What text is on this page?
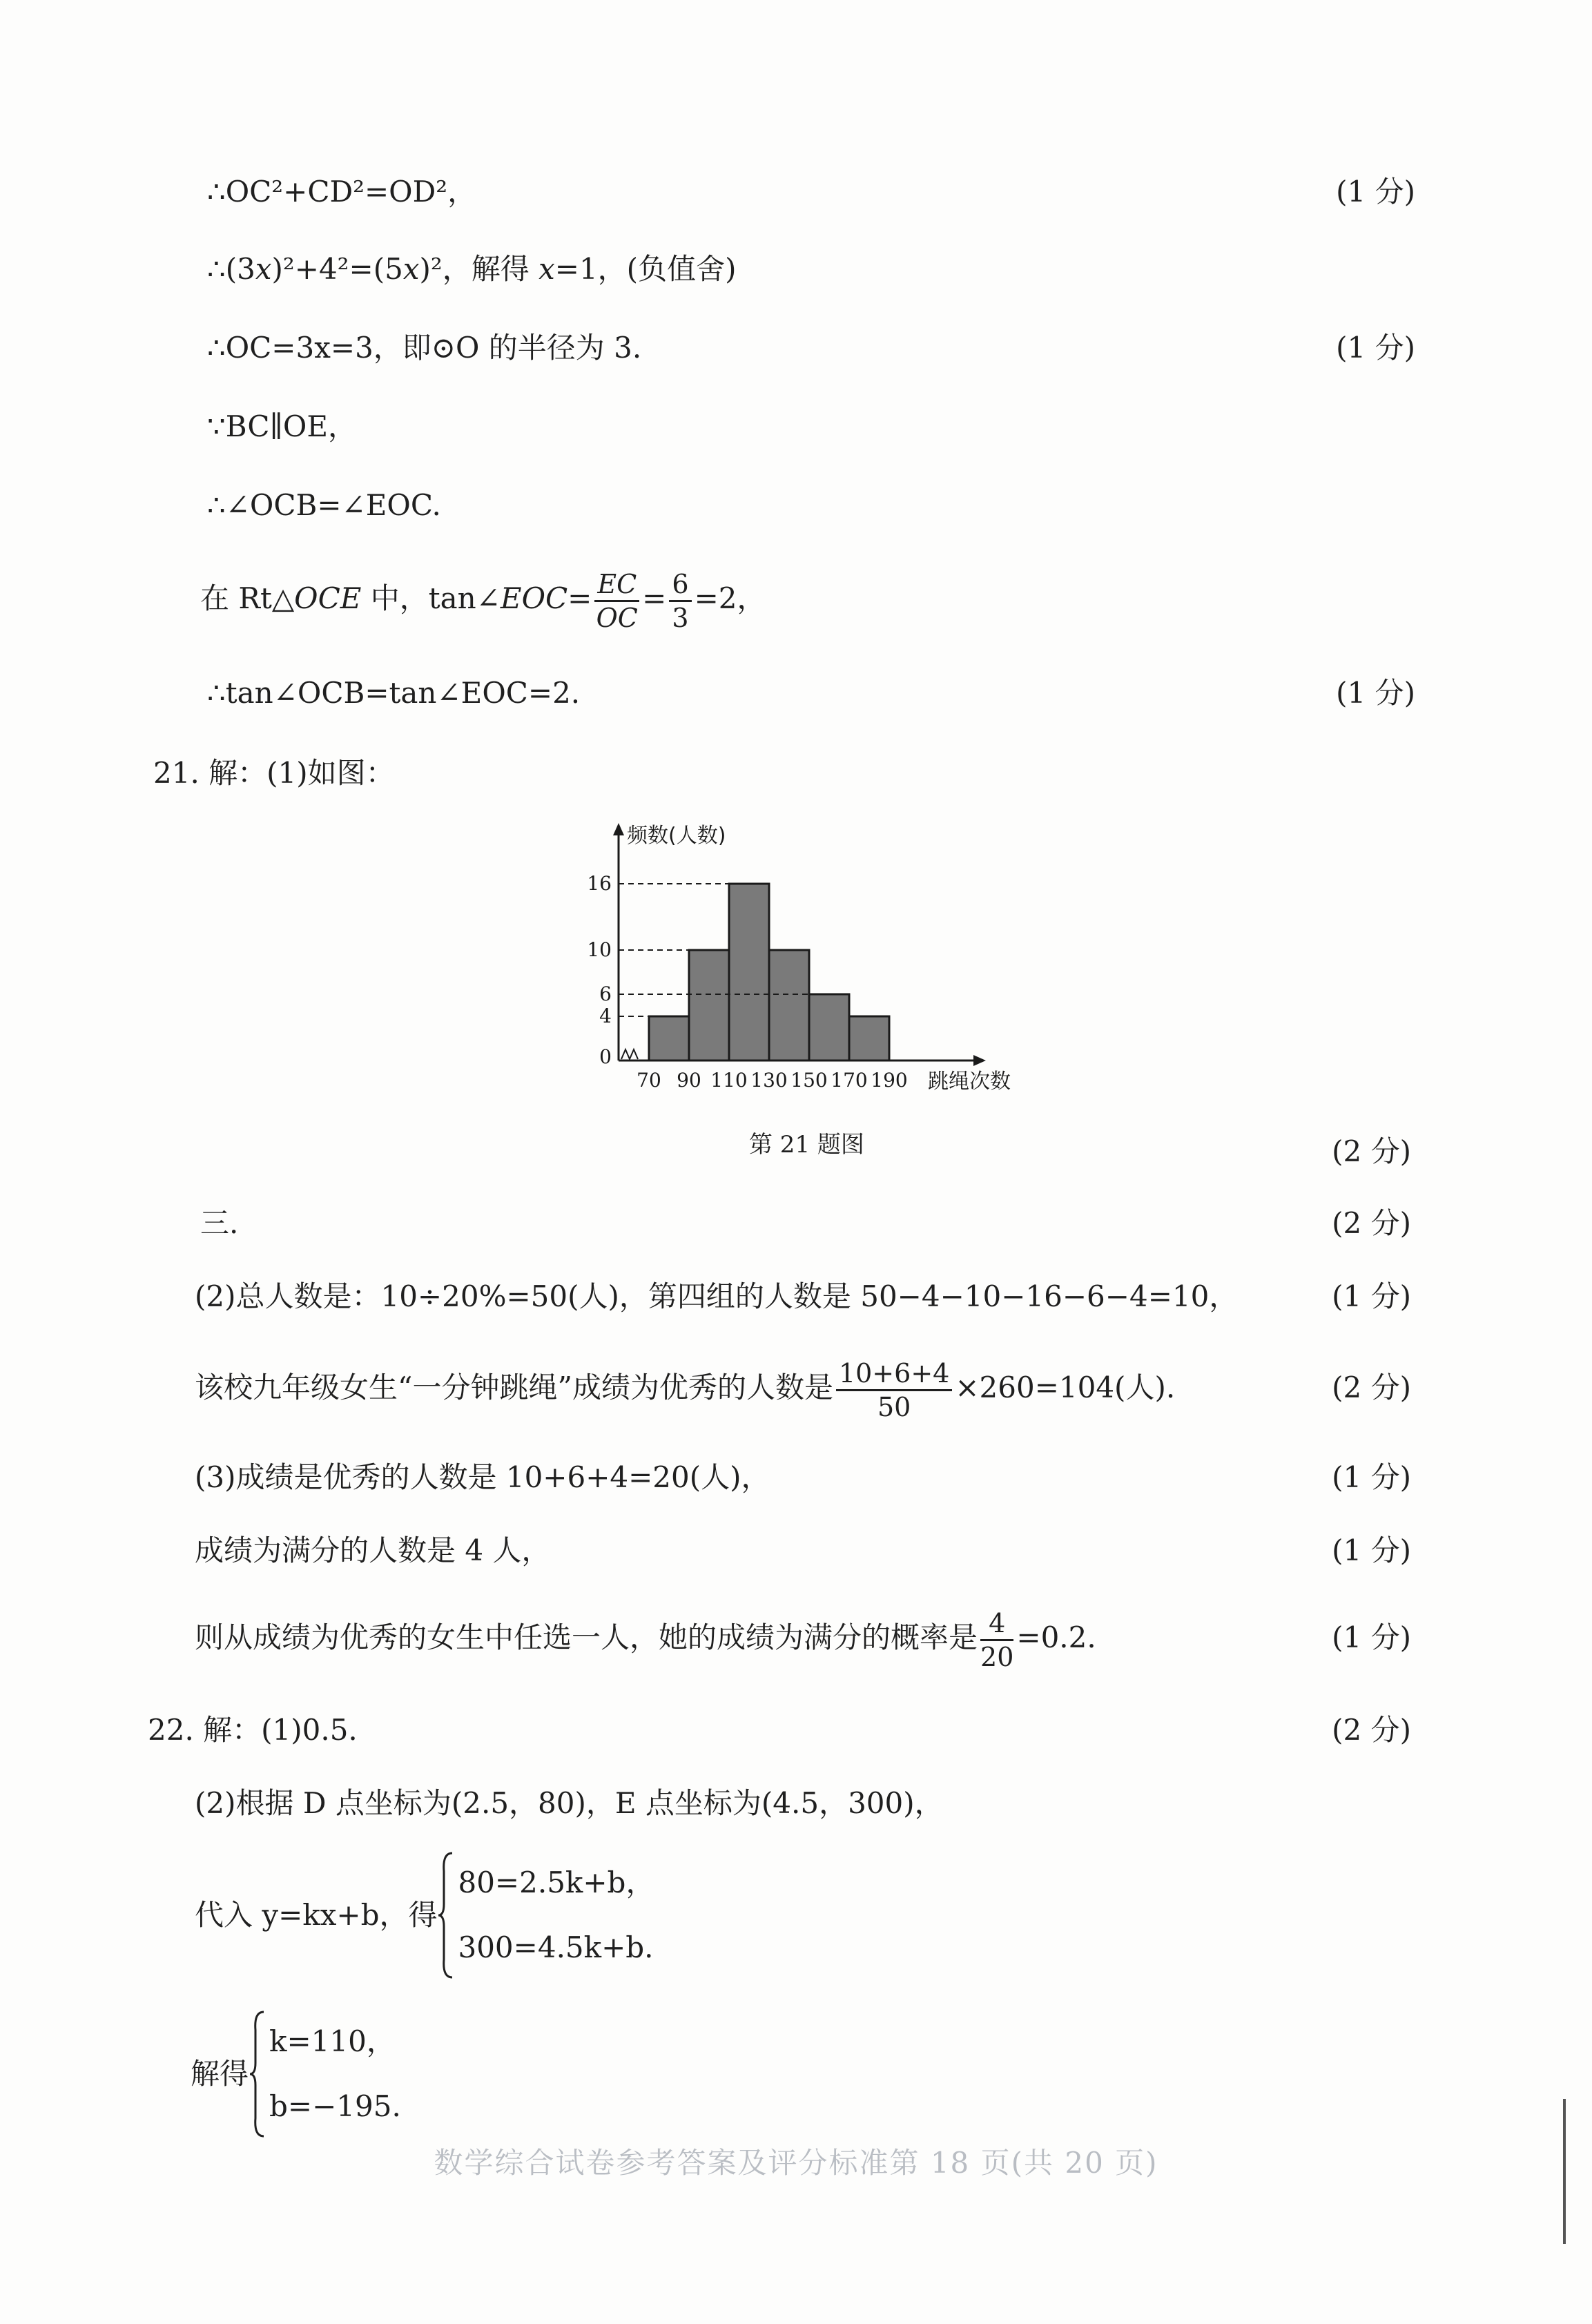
∴OC²+CD²=OD²，	(1 分)
∴(3x)²+4²=(5x)²，解得 x=1，(负值舍)
∴OC=3x=3，即⊙O 的半径为 3.	(1 分)
∵BC∥OE，
∴∠OCB=∠EOC.
在 Rt△OCE 中，tan∠EOC= $\frac{EC}{OC} = \frac{6}{3} =2$，
∴tan∠OCB=tan∠EOC=2.	(1 分)
21. 解：(1)如图：
16
10
6
4
0
70 90 110 130 150 170 190
频数(人数)
跳绳次数
第 21 题图	(2 分)
三.	(2 分)
(2)总人数是：10÷20%=50(人)，第四组的人数是 50−4−10−16−6−4=10，	(1 分)
该校九年级女生“一分钟跳绳”成绩为优秀的人数是 $\frac{10+6+4}{50} \times 260=104$(人).	(2 分)
(3)成绩是优秀的人数是 10+6+4=20(人)，	(1 分)
成绩为满分的人数是 4 人，	(1 分)
则从成绩为优秀的女生中任选一人，她的成绩为满分的概率是 $\frac{4}{20} =0.2$.	(1 分)
22. 解：(1)0.5.	(2 分)
(2)根据 D 点坐标为(2.5，80)，E 点坐标为(4.5，300)，
代入 y=kx+b，得
80=2.5k+b，
300=4.5k+b.
解得
k=110，
b=−195.
数学综合试卷参考答案及评分标准第 18 页(共 20 页)
